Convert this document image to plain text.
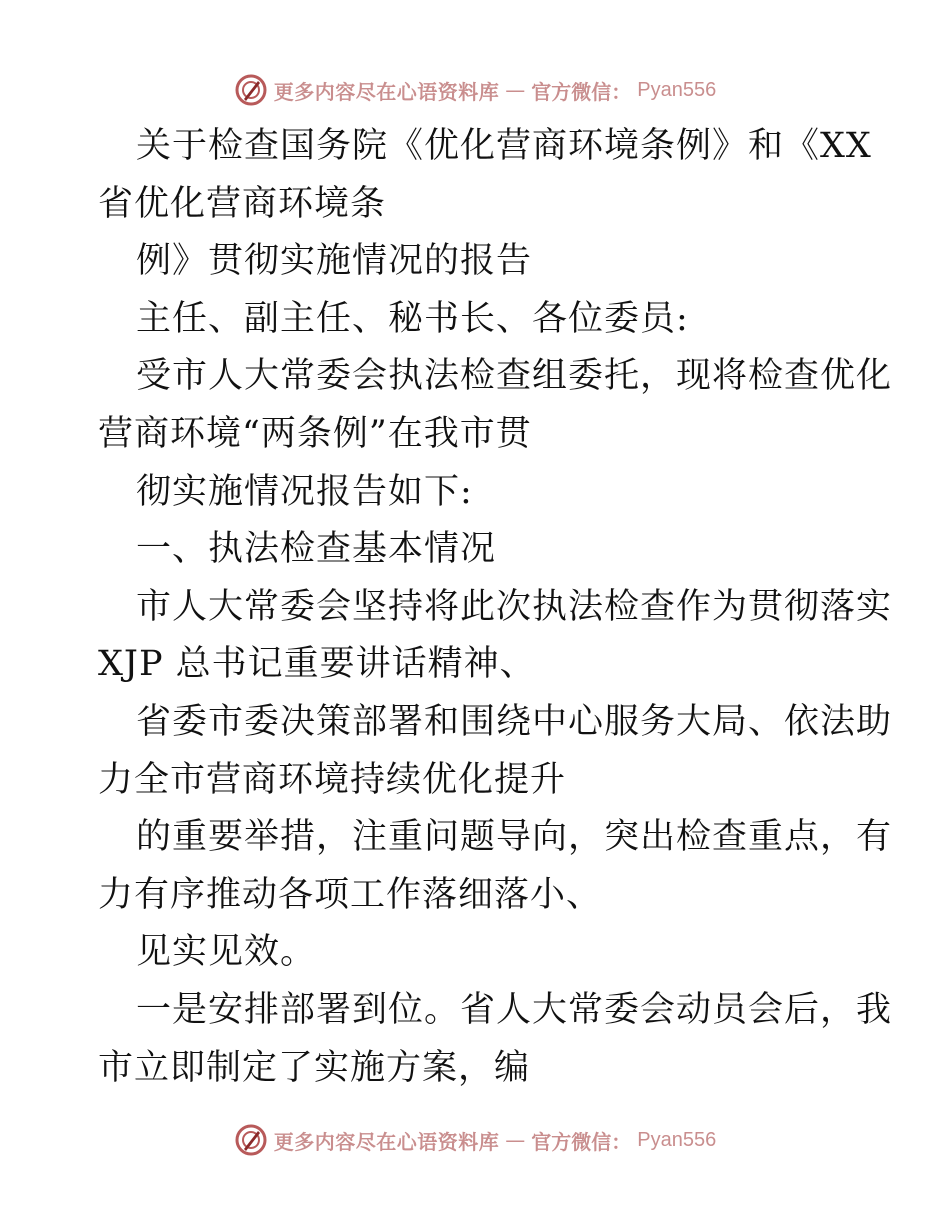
更多内容尽在心语资料库 — 官方微信： Pyan556
关于检查国务院《优化营商环境条例》和《XX
省优化营商环境条
例》贯彻实施情况的报告
主任、副主任、秘书长、各位委员:
受市人大常委会执法检查组委托，现将检查优化
营商环境“两条例”在我市贯
彻实施情况报告如下:
一、执法检查基本情况
市人大常委会坚持将此次执法检查作为贯彻落实
XJP 总书记重要讲话精神、
省委市委决策部署和围绕中心服务大局、依法助
力全市营商环境持续优化提升
的重要举措，注重问题导向，突出检查重点，有
力有序推动各项工作落细落小、
见实见效。
一是安排部署到位。省人大常委会动员会后，我
市立即制定了实施方案，编
更多内容尽在心语资料库 — 官方微信： Pyan556
